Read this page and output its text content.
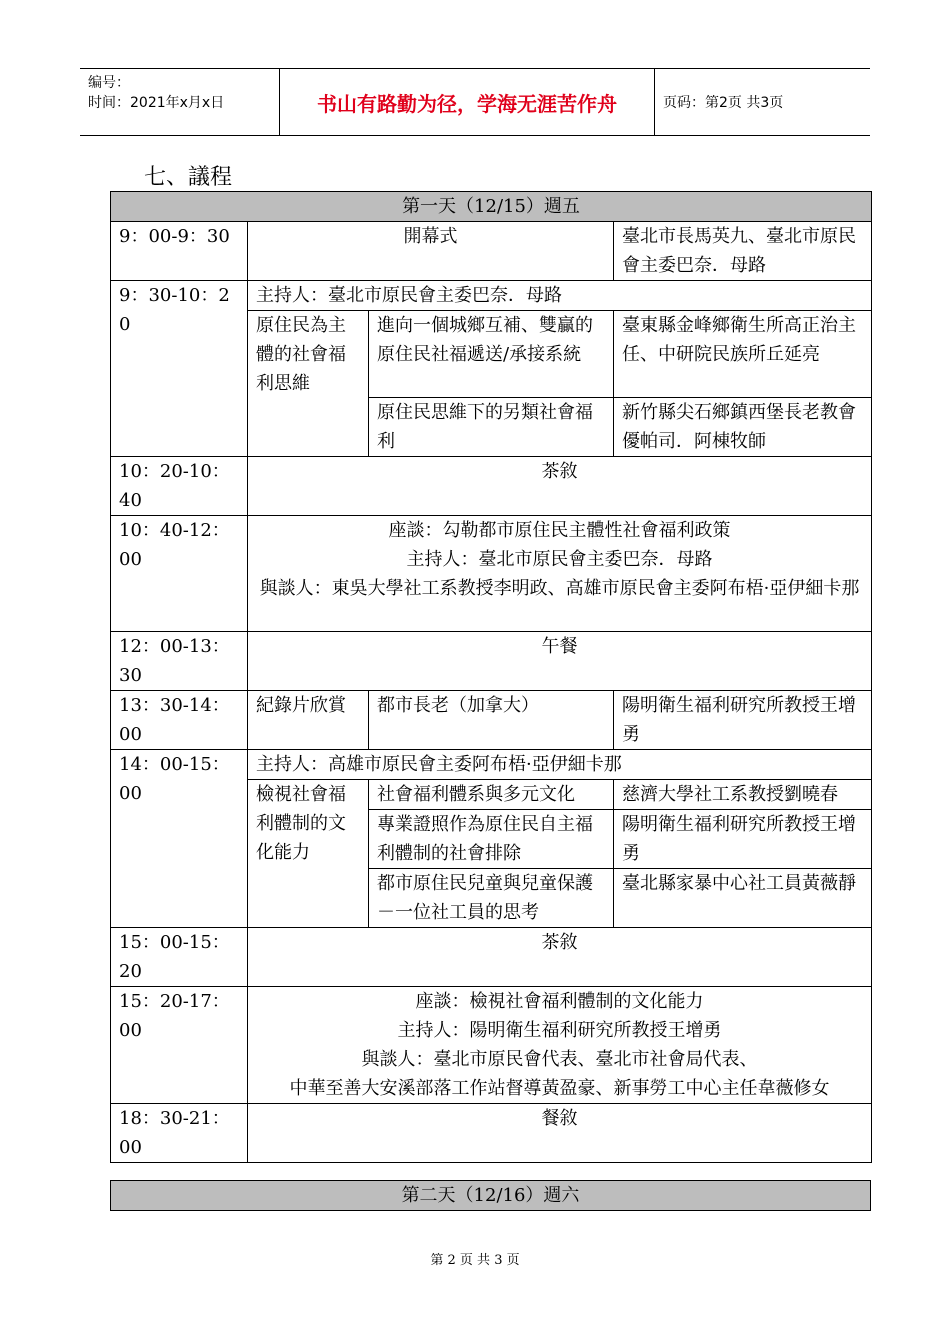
编号：
时间：2021年x月x日	书山有路勤为径，学海无涯苦作舟	页码：第2页 共3页
七、議程
第一天（12/15）週五			
9：00-9：30	開幕式		臺北市長馬英九、臺北市原民會主委巴奈．母路
9：30-10：20	主持人：臺北市原民會主委巴奈．母路		
	原住民為主體的社會福利思維	進向一個城鄉互補、雙贏的原住民社福遞送/承接系統	臺東縣金峰鄉衛生所高正治主任、中研院民族所丘延亮
		原住民思維下的另類社會福利	新竹縣尖石鄉鎮西堡長老教會優帕司．阿棟牧師
10：20-10：40	茶敘		
10：40-12：00	座談：勾勒都市原住民主體性社會福利政策
主持人：臺北市原民會主委巴奈．母路
與談人：東吳大學社工系教授李明政、高雄市原民會主委阿布梧·亞伊細卡那		

12：00-13：30	午餐		
13：30-14：00	紀錄片欣賞	都市長老（加拿大）	陽明衛生福利研究所教授王增勇
14：00-15：00	主持人：高雄市原民會主委阿布梧·亞伊細卡那		
	檢視社會福利體制的文化能力	社會福利體系與多元文化	慈濟大學社工系教授劉曉春
		專業證照作為原住民自主福利體制的社會排除	陽明衛生福利研究所教授王增勇
		都市原住民兒童與兒童保護－一位社工員的思考	臺北縣家暴中心社工員黃薇靜
15：00-15：20	茶敘		
15：20-17：00	座談：檢視社會福利體制的文化能力
主持人：陽明衛生福利研究所教授王增勇
與談人：臺北市原民會代表、臺北市社會局代表、
中華至善大安溪部落工作站督導黃盈豪、新事勞工中心主任韋薇修女		

18：30-21：00	餐敘		
第二天（12/16）週六
第 2 页 共 3 页
